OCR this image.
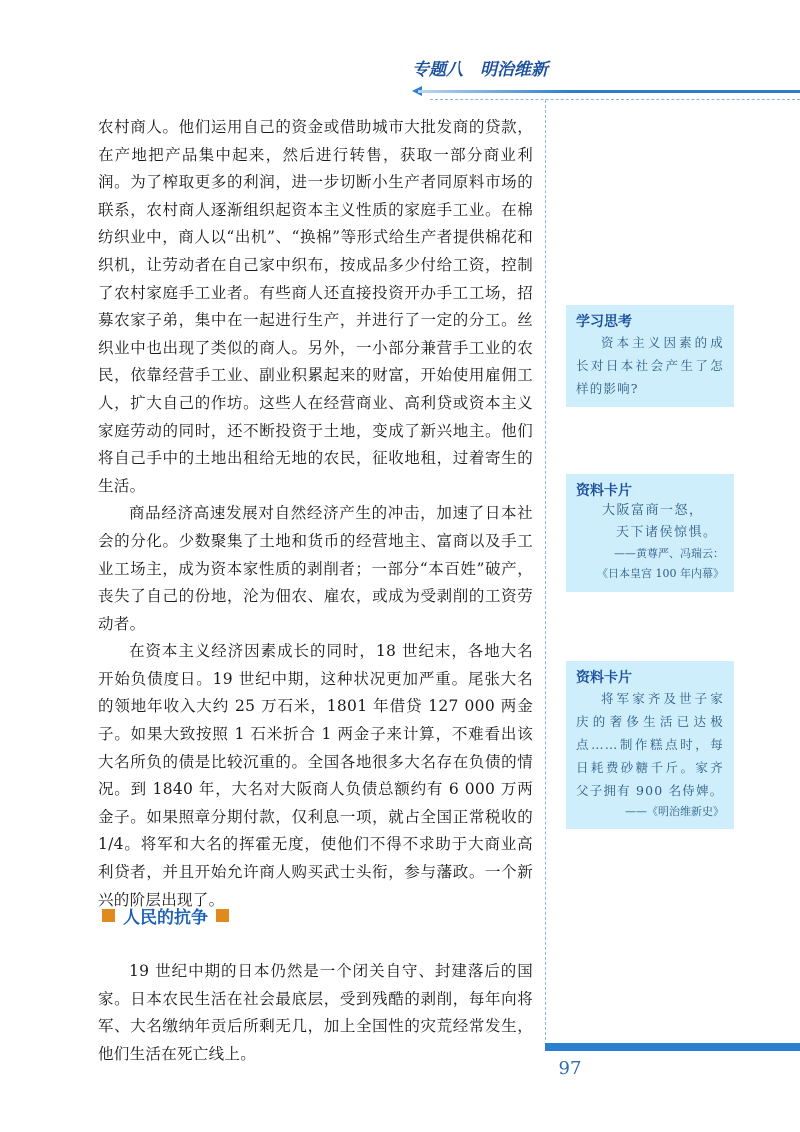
专题八　明治维新

农村商人。他们运用自己的资金或借助城市大批发商的贷款，在产地把产品集中起来，然后进行转售，获取一部分商业利润。为了榨取更多的利润，进一步切断小生产者同原料市场的联系，农村商人逐渐组织起资本主义性质的家庭手工业。在棉纺织业中，商人以“出机”、“换棉”等形式给生产者提供棉花和织机，让劳动者在自己家中织布，按成品多少付给工资，控制了农村家庭手工业者。有些商人还直接投资开办手工工场，招募农家子弟，集中在一起进行生产，并进行了一定的分工。丝织业中也出现了类似的商人。另外，一小部分兼营手工业的农民，依靠经营手工业、副业积累起来的财富，开始使用雇佣工人，扩大自己的作坊。这些人在经营商业、高利贷或资本主义家庭劳动的同时，还不断投资于土地，变成了新兴地主。他们将自己手中的土地出租给无地的农民，征收地租，过着寄生的生活。

商品经济高速发展对自然经济产生的冲击，加速了日本社会的分化。少数聚集了土地和货币的经营地主、富商以及手工业工场主，成为资本家性质的剥削者；一部分“本百姓”破产，丧失了自己的份地，沦为佃农、雇农，或成为受剥削的工资劳动者。

在资本主义经济因素成长的同时，18 世纪末，各地大名开始负债度日。19 世纪中期，这种状况更加严重。尾张大名的领地年收入大约 25 万石米，1801 年借贷 127 000 两金子。如果大致按照 1 石米折合 1 两金子来计算，不难看出该大名所负的债是比较沉重的。全国各地很多大名存在负债的情况。到 1840 年，大名对大阪商人负债总额约有 6 000 万两金子。如果照章分期付款，仅利息一项，就占全国正常税收的 1/4。将军和大名的挥霍无度，使他们不得不求助于大商业高利贷者，并且开始允许商人购买武士头衔，参与藩政。一个新兴的阶层出现了。

人民的抗争

19 世纪中期的日本仍然是一个闭关自守、封建落后的国家。日本农民生活在社会最底层，受到残酷的剥削，每年向将军、大名缴纳年贡后所剩无几，加上全国性的灾荒经常发生，他们生活在死亡线上。

学习思考
资本主义因素的成长对日本社会产生了怎样的影响?
资料卡片
大阪富商一怒，
天下诸侯惊惧。
——黄尊严、冯瑞云：
《日本皇宫 100 年内幕》
资料卡片
将军家齐及世子家庆的奢侈生活已达极点……制作糕点时，每日耗费砂糖千斤。家齐父子拥有 900 名侍婢。
——《明治维新史》
97
